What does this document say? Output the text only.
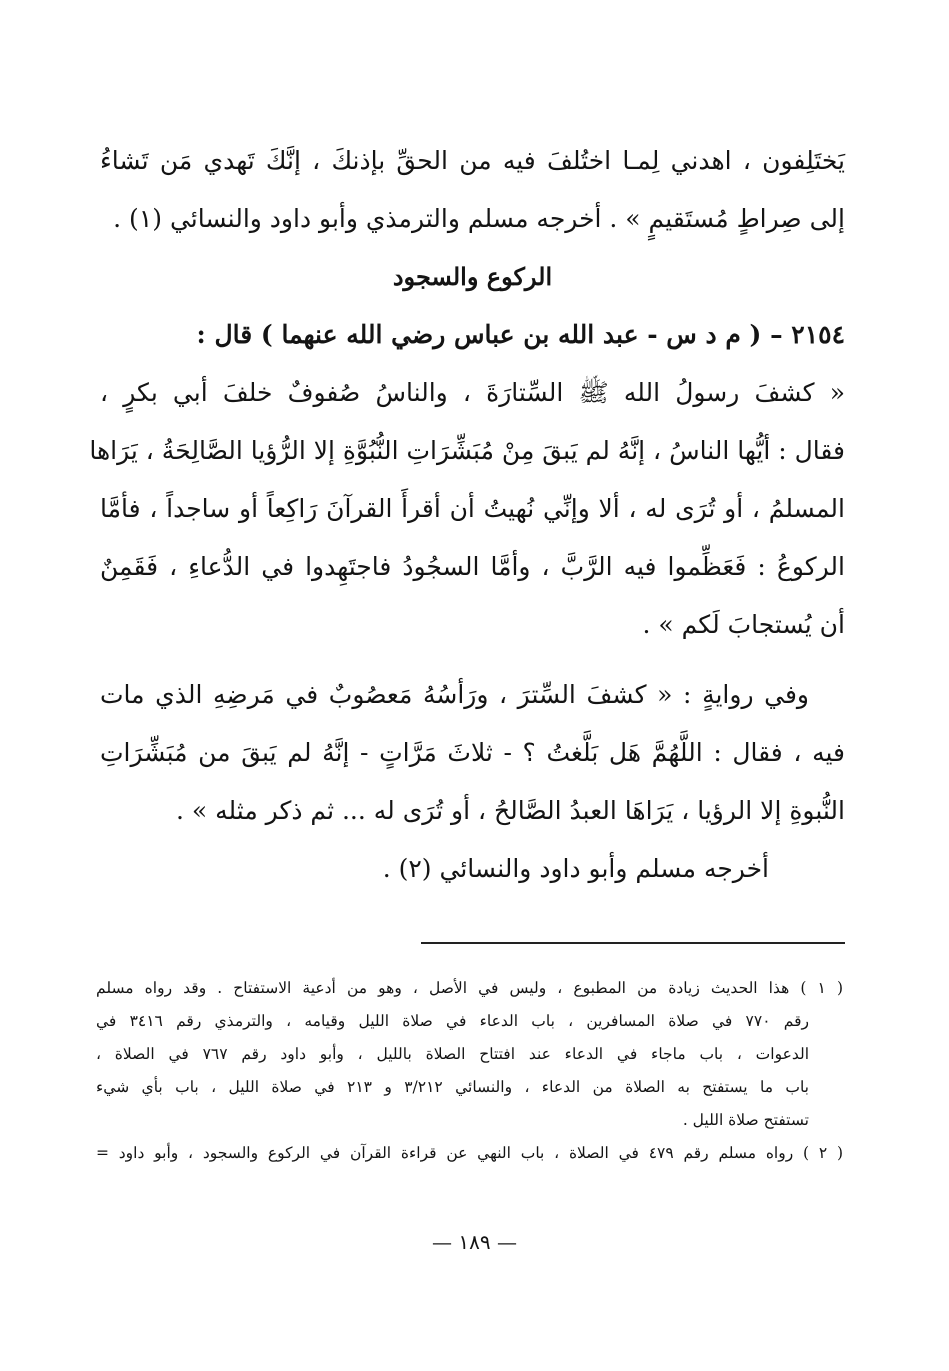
يَختَلِفون ، اهدني لِمـا اختُلفَ فيه من الحقِّ بإذنكَ ، إنَّكَ تَهدي مَن تَشاءُ
إلى صِراطٍ مُستَقيمٍ » . أخرجه مسلم والترمذي وأبو داود والنسائي (١) .
الركوع والسجود
٢١٥٤ – ( م د س - عبد الله بن عباس رضي الله عنهما ) قال :
« كشفَ رسولُ الله ﷺ السِّتارَةَ ، والناسُ صُفوفٌ خلفَ أبي بكرٍ ،
فقال : أيُّها الناسُ ، إنَّهُ لم يَبقَ مِنْ مُبَشِّرَاتِ النُّبُوَّةِ إلا الرُّؤيا الصَّالِحَةُ ، يَرَاها
المسلمُ ، أو تُرَى له ، ألا وإنِّي نُهيتُ أن أقرأَ القرآنَ رَاكِعاً أو ساجداً ، فأمَّا
الركوعُ : فَعَظِّموا فيه الرَّبَّ ، وأمَّا السجُودُ فاجتَهِدوا في الدُّعاءِ ، فَقَمِنٌ
أن يُستجابَ لَكم » .
وفي روايةٍ : « كشفَ السِّترَ ، ورَأسُهُ مَعصُوبٌ في مَرضِهِ الذي مات
فيه ، فقال : اللَّهُمَّ هَل بَلَّغتُ ؟ - ثلاثَ مَرَّاتٍ - إنَّهُ لم يَبقَ من مُبَشِّرَاتِ
النُّبوةِ إلا الرؤيا ، يَرَاهَا العبدُ الصَّالحُ ، أو تُرَى له ... ثم ذكر مثله » .
أخرجه مسلم وأبو داود والنسائي (٢) .
( ١ ) هذا الحديث زيادة من المطبوع ، وليس في الأصل ، وهو من أدعية الاستفتاح . وقد رواه مسلم
رقم ٧٧٠ في صلاة المسافرين ، باب الدعاء في صلاة الليل وقيامه ، والترمذي رقم ٣٤١٦ في
الدعوات ، باب ماجاء في الدعاء عند افتتاح الصلاة بالليل ، وأبو داود رقم ٧٦٧ في الصلاة ،
باب ما يستفتح به الصلاة من الدعاء ، والنسائي ٣/٢١٢ و ٢١٣ في صلاة الليل ، باب بأي شيء
تستفتح صلاة الليل .
( ٢ ) رواه مسلم رقم ٤٧٩ في الصلاة ، باب النهي عن قراءة القرآن في الركوع والسجود ، وأبو داود =
— ١٨٩ —
